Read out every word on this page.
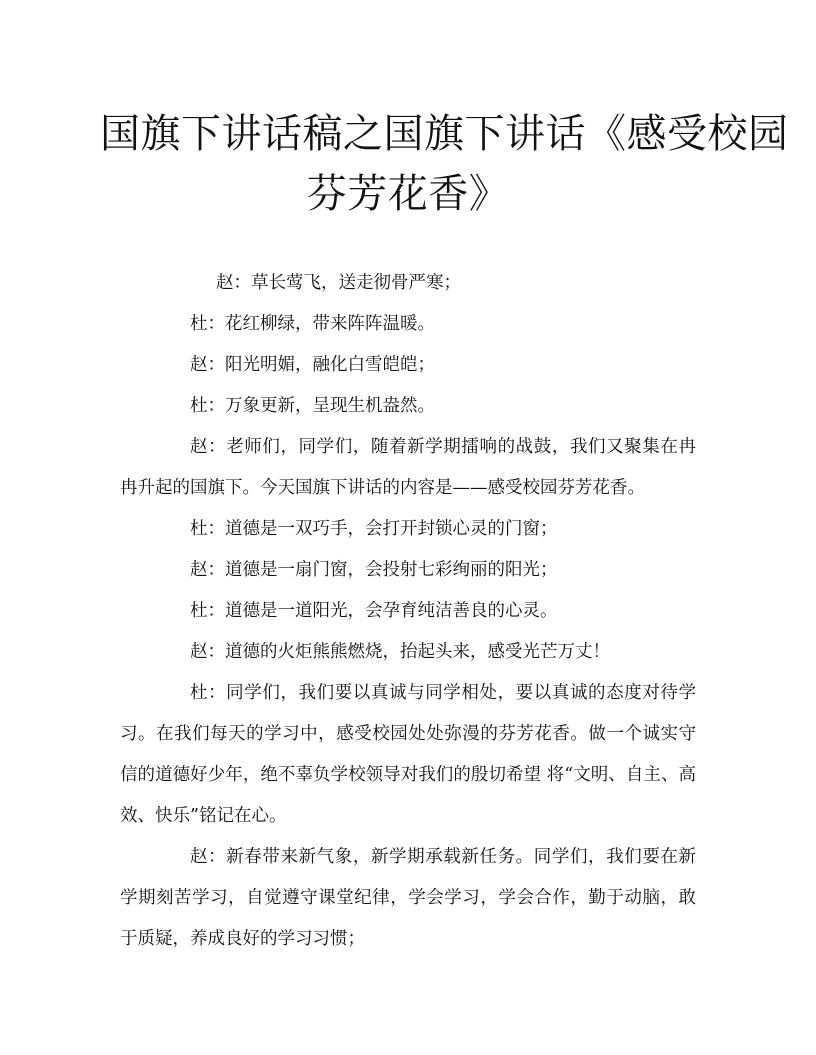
国旗下讲话稿之国旗下讲话《感受校园
芬芳花香》

赵：草长莺飞，送走彻骨严寒；

杜：花红柳绿，带来阵阵温暖。

赵：阳光明媚，融化白雪皑皑；

杜：万象更新，呈现生机盎然。

赵：老师们，同学们，随着新学期擂响的战鼓，我们又聚集在冉冉升起的国旗下。今天国旗下讲话的内容是——感受校园芬芳花香。

杜：道德是一双巧手，会打开封锁心灵的门窗；

赵：道德是一扇门窗，会投射七彩绚丽的阳光；

杜：道德是一道阳光，会孕育纯洁善良的心灵。

赵：道德的火炬熊熊燃烧，抬起头来，感受光芒万丈！

杜：同学们，我们要以真诚与同学相处，要以真诚的态度对待学习。在我们每天的学习中，感受校园处处弥漫的芬芳花香。做一个诚实守信的道德好少年，绝不辜负学校领导对我们的殷切希望 将“文明、自主、高效、快乐”铭记在心。

赵：新春带来新气象，新学期承载新任务。同学们，我们要在新学期刻苦学习，自觉遵守课堂纪律，学会学习，学会合作，勤于动脑，敢于质疑，养成良好的学习习惯；
